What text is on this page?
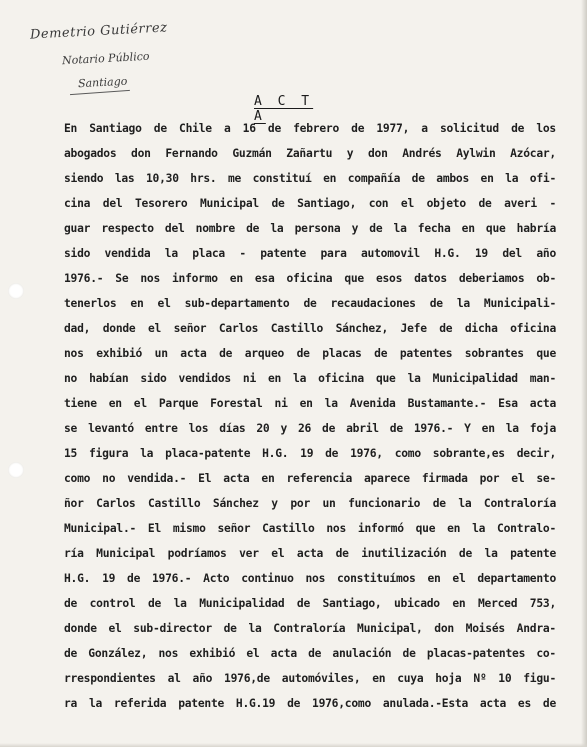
Demetrio Gutiérrez
Notario Público
Santiago
A C T A
En Santiago de Chile a 16 de febrero de 1977, a solicitud de los
abogados don Fernando Guzmán Zañartu y don Andrés Aylwin Azócar,
siendo las 10,30 hrs. me constituí en compañía de ambos en la ofi-
cina del Tesorero Municipal de Santiago, con el objeto de averi -
guar respecto del nombre de la persona y de la fecha en que habría
sido vendida la placa - patente para automovil H.G. 19 del año
1976.- Se nos informo en esa oficina que esos datos deberiamos ob-
tenerlos en el sub-departamento de recaudaciones de la Municipali-
dad, donde el señor Carlos Castillo Sánchez, Jefe de dicha oficina
nos exhibió un acta de arqueo de placas de patentes sobrantes que
no habían sido vendidos ni en la oficina que la Municipalidad man-
tiene en el Parque Forestal ni en la Avenida Bustamante.- Esa acta
se levantó entre los días 20 y 26 de abril de 1976.- Y en la foja
15 figura la placa-patente H.G. 19 de 1976, como sobrante,es decir,
como no vendida.- El acta en referencia aparece firmada por el se-
ñor Carlos Castillo Sánchez y por un funcionario de la Contraloría
Municipal.- El mismo señor Castillo nos informó que en la Contralo-
ría Municipal podríamos ver el acta de inutilización de la patente
H.G. 19 de 1976.- Acto continuo nos constituímos en el departamento
de control de la Municipalidad de Santiago, ubicado en Merced 753,
donde el sub-director de la Contraloría Municipal, don Moisés Andra-
de González, nos exhibió el acta de anulación de placas-patentes co-
rrespondientes al año 1976,de automóviles, en cuya hoja Nº 10 figu-
ra la referida patente H.G.19 de 1976,como anulada.-Esta acta es de
